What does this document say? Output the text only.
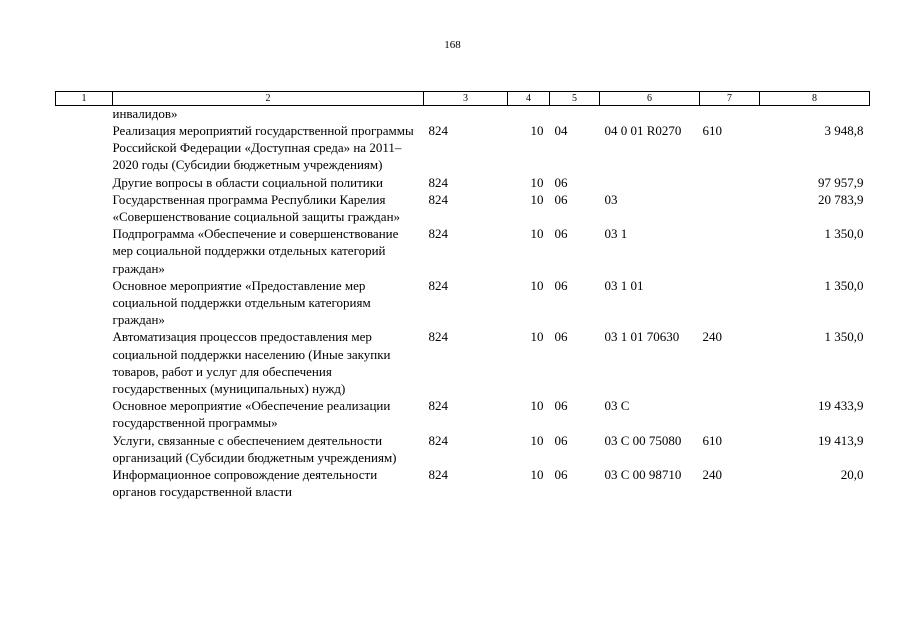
168
1	2	3	4	5	6	7	8
	инвалидов»						
	Реализация мероприятий государственной программы Российской Федерации «Доступная среда» на 2011–2020 годы (Субсидии бюджетным учреждениям)	824	10	04	04 0 01 R0270	610	3 948,8
	Другие вопросы в области социальной политики	824	10	06			97 957,9
	Государственная программа Республики Карелия «Совершенствование социальной защиты граждан»	824	10	06	03		20 783,9
	Подпрограмма «Обеспечение и совершенствование мер социальной поддержки отдельных категорий граждан»	824	10	06	03 1		1 350,0
	Основное мероприятие «Предоставление мер социальной поддержки отдельным категориям граждан»	824	10	06	03 1 01		1 350,0
	Автоматизация процессов предоставления мер социальной поддержки населению (Иные закупки товаров, работ и услуг для обеспечения государственных (муниципальных) нужд)	824	10	06	03 1 01 70630	240	1 350,0
	Основное мероприятие «Обеспечение реализации государственной программы»	824	10	06	03 С		19 433,9
	Услуги, связанные с обеспечением деятельности организаций (Субсидии бюджетным учреждениям)	824	10	06	03 С 00 75080	610	19 413,9
	Информационное сопровождение деятельности органов государственной власти	824	10	06	03 С 00 98710	240	20,0
